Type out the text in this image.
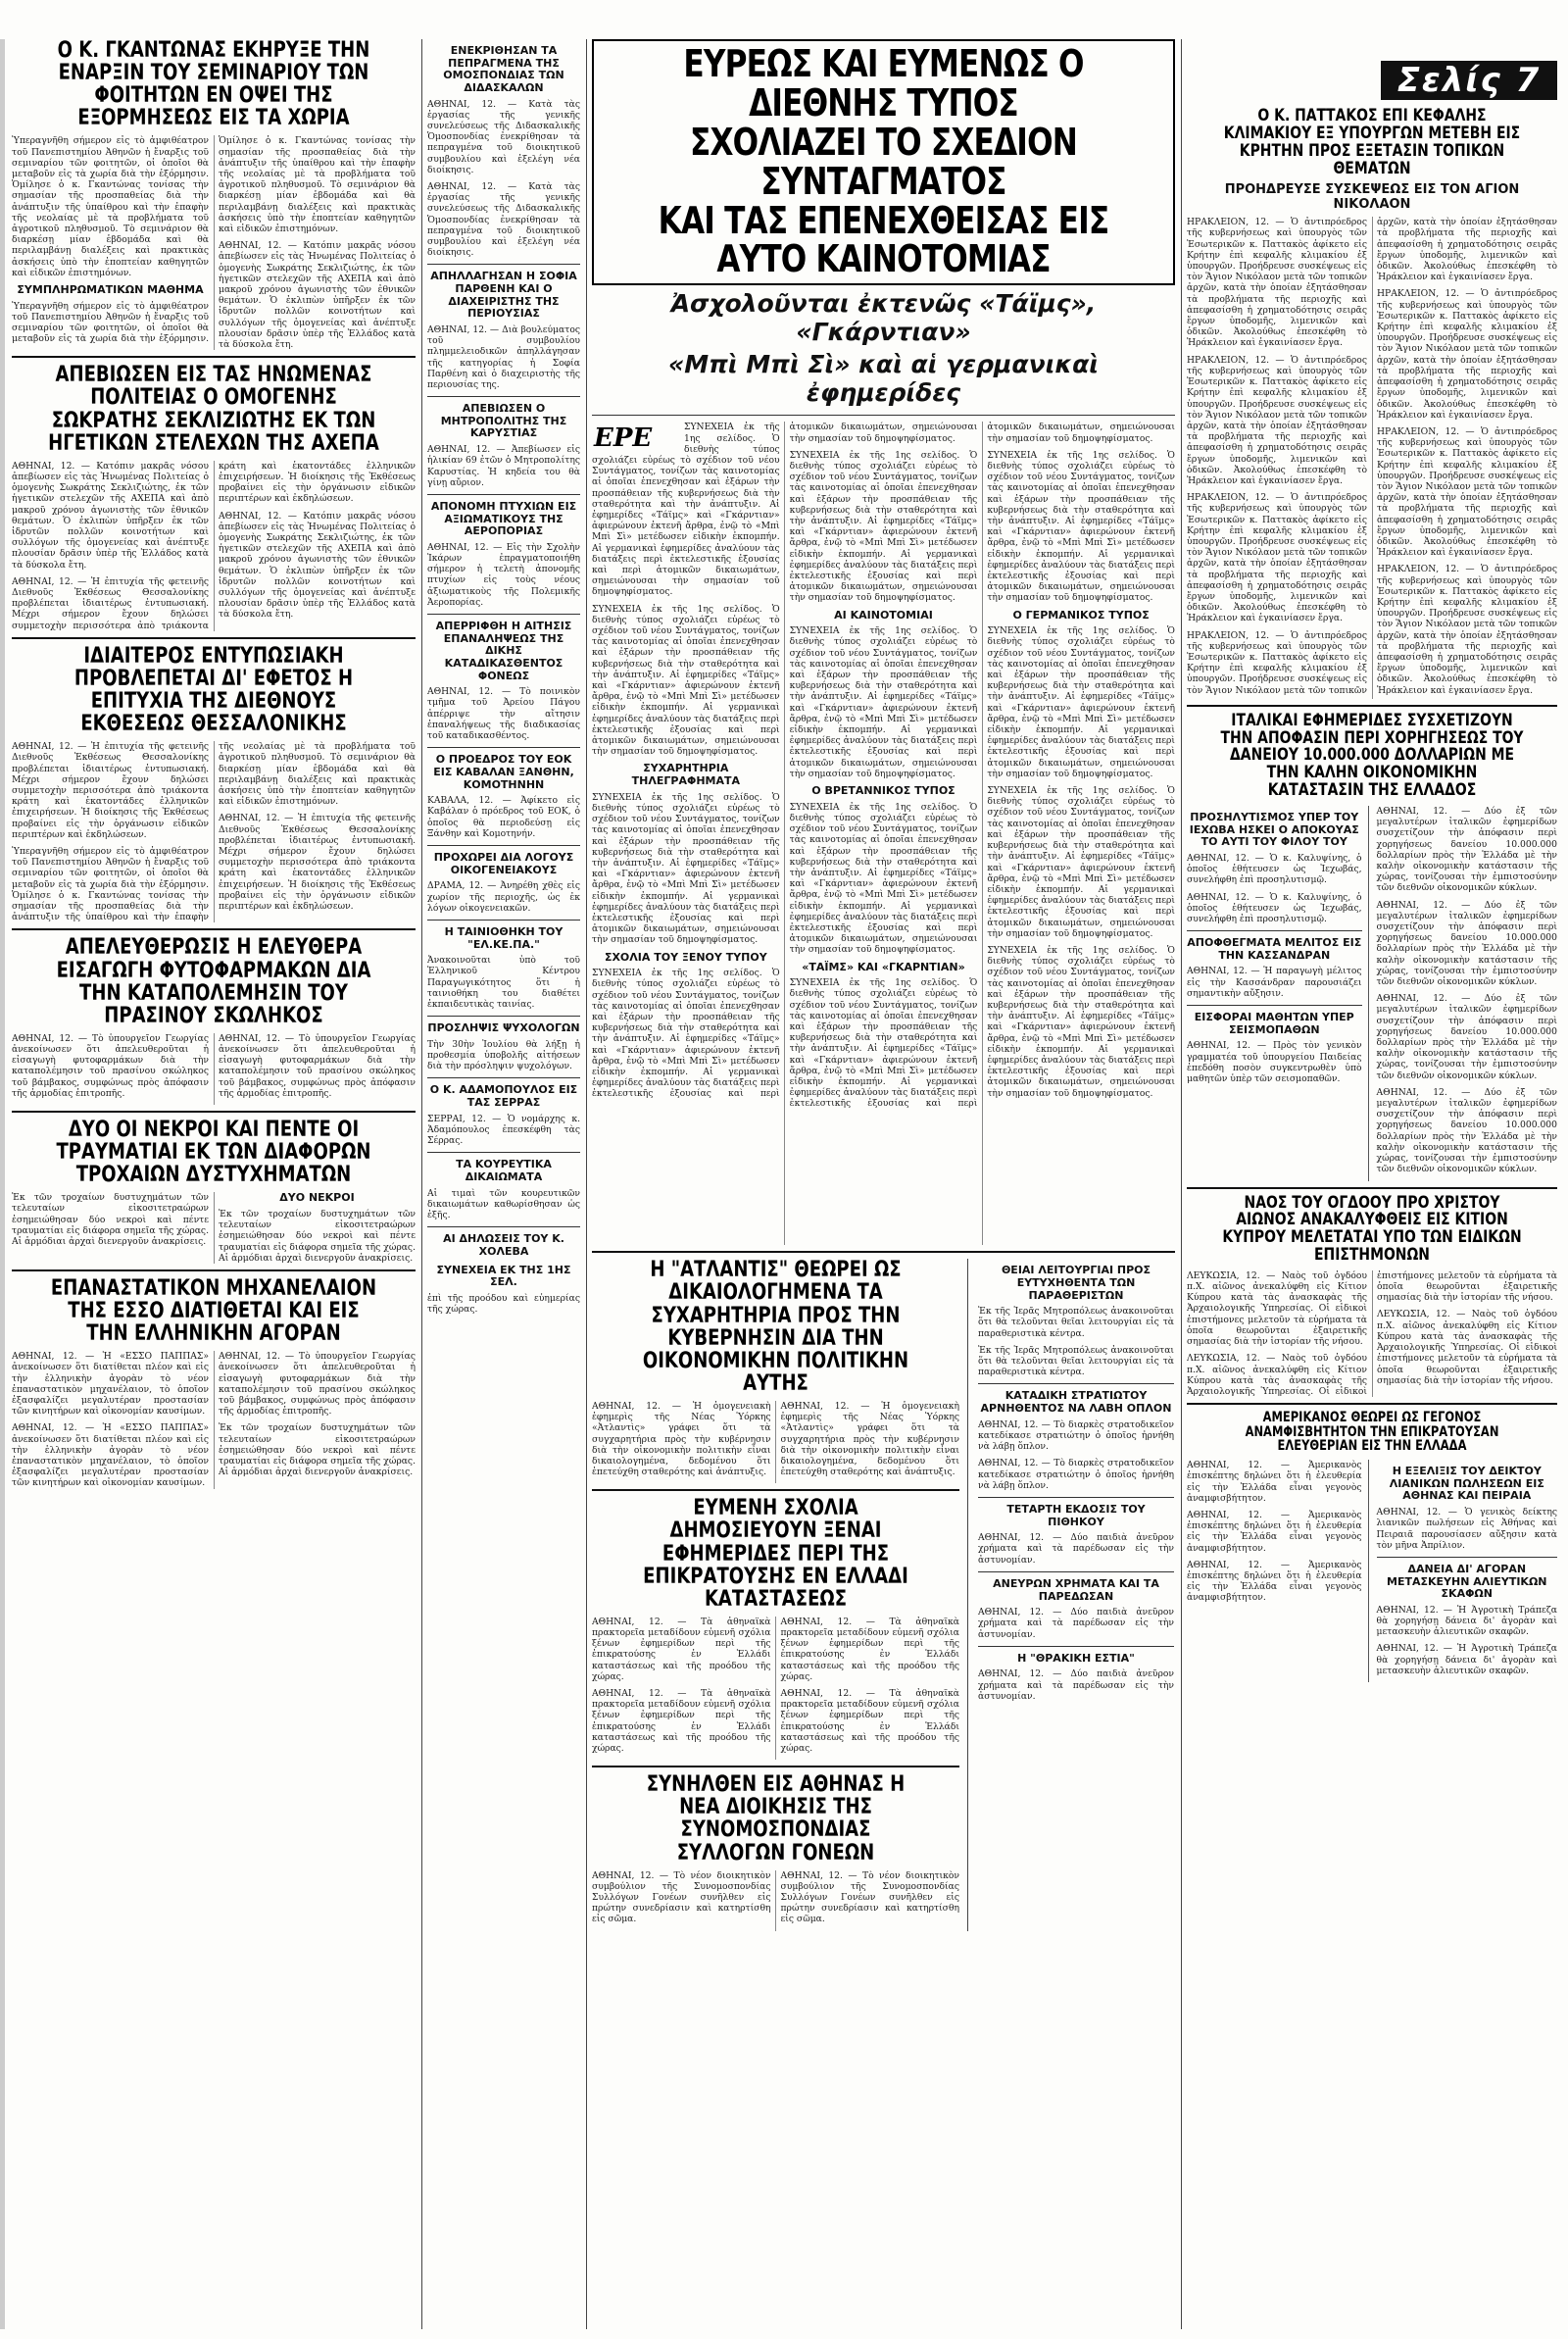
Ο Κ. ΓΚΑΝΤΩΝΑΣ ΕΚΗΡΥΞΕ ΤΗΝ ΕΝΑΡΞΙΝ ΤΟΥ ΣΕΜΙΝΑΡΙΟΥ ΤΩΝ ΦΟΙΤΗΤΩΝ ΕΝ ΟΨΕΙ ΤΗΣ ΕΞΟΡΜΗΣΕΩΣ ΕΙΣ ΤΑ ΧΩΡΙΑ

Ὑπεραγνῆθη σήμερον εἰς τὸ ἀμφιθέατρον τοῦ Πανεπιστημίου Ἀθηνῶν ἡ ἔναρξις τοῦ σεμιναρίου τῶν φοιτητῶν, οἱ ὁποῖοι θὰ μεταβοῦν εἰς τὰ χωρία διὰ τὴν ἐξόρμησιν. Ὁμίλησε ὁ κ. Γκαντώνας τονίσας τὴν σημασίαν τῆς προσπαθείας διὰ τὴν ἀνάπτυξιν τῆς ὑπαίθρου καὶ τὴν ἐπαφὴν τῆς νεολαίας μὲ τὰ προβλήματα τοῦ ἀγροτικοῦ πληθυσμοῦ. Τὸ σεμινάριον θὰ διαρκέσῃ μίαν ἑβδομάδα καὶ θὰ περιλαμβάνῃ διαλέξεις καὶ πρακτικὰς ἀσκήσεις ὑπὸ τὴν ἐποπτείαν καθηγητῶν καὶ εἰδικῶν ἐπιστημόνων.

ΣΥΜΠΛΗΡΩΜΑΤΙΚΩΝ ΜΑΘΗΜΑ

Ὑπεραγνῆθη σήμερον εἰς τὸ ἀμφιθέατρον τοῦ Πανεπιστημίου Ἀθηνῶν ἡ ἔναρξις τοῦ σεμιναρίου τῶν φοιτητῶν, οἱ ὁποῖοι θὰ μεταβοῦν εἰς τὰ χωρία διὰ τὴν ἐξόρμησιν. Ὁμίλησε ὁ κ. Γκαντώνας τονίσας τὴν σημασίαν τῆς προσπαθείας διὰ τὴν ἀνάπτυξιν τῆς ὑπαίθρου καὶ τὴν ἐπαφὴν τῆς νεολαίας μὲ τὰ προβλήματα τοῦ ἀγροτικοῦ πληθυσμοῦ. Τὸ σεμινάριον θὰ διαρκέσῃ μίαν ἑβδομάδα καὶ θὰ περιλαμβάνῃ διαλέξεις καὶ πρακτικὰς ἀσκήσεις ὑπὸ τὴν ἐποπτείαν καθηγητῶν καὶ εἰδικῶν ἐπιστημόνων.

ΑΘΗΝΑΙ, 12. — Κατόπιν μακρᾶς νόσου ἀπεβίωσεν εἰς τὰς Ἡνωμένας Πολιτείας ὁ ὁμογενὴς Σωκράτης Σεκλιζιώτης, ἐκ τῶν ἡγετικῶν στελεχῶν τῆς ΑΧΕΠΑ καὶ ἀπὸ μακροῦ χρόνου ἀγωνιστὴς τῶν ἐθνικῶν θεμάτων. Ὁ ἐκλιπὼν ὑπῆρξεν ἐκ τῶν ἱδρυτῶν πολλῶν κοινοτήτων καὶ συλλόγων τῆς ὁμογενείας καὶ ἀνέπτυξε πλουσίαν δρᾶσιν ὑπὲρ τῆς Ἑλλάδος κατὰ τὰ δύσκολα ἔτη.

ΑΠΕΒΙΩΣΕΝ ΕΙΣ ΤΑΣ ΗΝΩΜΕΝΑΣ ΠΟΛΙΤΕΙΑΣ Ο ΟΜΟΓΕΝΗΣ ΣΩΚΡΑΤΗΣ ΣΕΚΛΙΖΙΩΤΗΣ ΕΚ ΤΩΝ ΗΓΕΤΙΚΩΝ ΣΤΕΛΕΧΩΝ ΤΗΣ ΑΧΕΠΑ

ΑΘΗΝΑΙ, 12. — Κατόπιν μακρᾶς νόσου ἀπεβίωσεν εἰς τὰς Ἡνωμένας Πολιτείας ὁ ὁμογενὴς Σωκράτης Σεκλιζιώτης, ἐκ τῶν ἡγετικῶν στελεχῶν τῆς ΑΧΕΠΑ καὶ ἀπὸ μακροῦ χρόνου ἀγωνιστὴς τῶν ἐθνικῶν θεμάτων. Ὁ ἐκλιπὼν ὑπῆρξεν ἐκ τῶν ἱδρυτῶν πολλῶν κοινοτήτων καὶ συλλόγων τῆς ὁμογενείας καὶ ἀνέπτυξε πλουσίαν δρᾶσιν ὑπὲρ τῆς Ἑλλάδος κατὰ τὰ δύσκολα ἔτη.

ΑΘΗΝΑΙ, 12. — Ἡ ἐπιτυχία τῆς φετεινῆς Διεθνοῦς Ἐκθέσεως Θεσσαλονίκης προβλέπεται ἰδιαιτέρως ἐντυπωσιακή. Μέχρι σήμερον ἔχουν δηλώσει συμμετοχὴν περισσότερα ἀπὸ τριάκοντα κράτη καὶ ἑκατοντάδες ἑλληνικῶν ἐπιχειρήσεων. Ἡ διοίκησις τῆς Ἐκθέσεως προβαίνει εἰς τὴν ὀργάνωσιν εἰδικῶν περιπτέρων καὶ ἐκδηλώσεων.

ΑΘΗΝΑΙ, 12. — Κατόπιν μακρᾶς νόσου ἀπεβίωσεν εἰς τὰς Ἡνωμένας Πολιτείας ὁ ὁμογενὴς Σωκράτης Σεκλιζιώτης, ἐκ τῶν ἡγετικῶν στελεχῶν τῆς ΑΧΕΠΑ καὶ ἀπὸ μακροῦ χρόνου ἀγωνιστὴς τῶν ἐθνικῶν θεμάτων. Ὁ ἐκλιπὼν ὑπῆρξεν ἐκ τῶν ἱδρυτῶν πολλῶν κοινοτήτων καὶ συλλόγων τῆς ὁμογενείας καὶ ἀνέπτυξε πλουσίαν δρᾶσιν ὑπὲρ τῆς Ἑλλάδος κατὰ τὰ δύσκολα ἔτη.

ΙΔΙΑΙΤΕΡΟΣ ΕΝΤΥΠΩΣΙΑΚΗ ΠΡΟΒΛΕΠΕΤΑΙ ΔΙ' ΕΦΕΤΟΣ Η ΕΠΙΤΥΧΙΑ ΤΗΣ ΔΙΕΘΝΟΥΣ ΕΚΘΕΣΕΩΣ ΘΕΣΣΑΛΟΝΙΚΗΣ

ΑΘΗΝΑΙ, 12. — Ἡ ἐπιτυχία τῆς φετεινῆς Διεθνοῦς Ἐκθέσεως Θεσσαλονίκης προβλέπεται ἰδιαιτέρως ἐντυπωσιακή. Μέχρι σήμερον ἔχουν δηλώσει συμμετοχὴν περισσότερα ἀπὸ τριάκοντα κράτη καὶ ἑκατοντάδες ἑλληνικῶν ἐπιχειρήσεων. Ἡ διοίκησις τῆς Ἐκθέσεως προβαίνει εἰς τὴν ὀργάνωσιν εἰδικῶν περιπτέρων καὶ ἐκδηλώσεων.

Ὑπεραγνῆθη σήμερον εἰς τὸ ἀμφιθέατρον τοῦ Πανεπιστημίου Ἀθηνῶν ἡ ἔναρξις τοῦ σεμιναρίου τῶν φοιτητῶν, οἱ ὁποῖοι θὰ μεταβοῦν εἰς τὰ χωρία διὰ τὴν ἐξόρμησιν. Ὁμίλησε ὁ κ. Γκαντώνας τονίσας τὴν σημασίαν τῆς προσπαθείας διὰ τὴν ἀνάπτυξιν τῆς ὑπαίθρου καὶ τὴν ἐπαφὴν τῆς νεολαίας μὲ τὰ προβλήματα τοῦ ἀγροτικοῦ πληθυσμοῦ. Τὸ σεμινάριον θὰ διαρκέσῃ μίαν ἑβδομάδα καὶ θὰ περιλαμβάνῃ διαλέξεις καὶ πρακτικὰς ἀσκήσεις ὑπὸ τὴν ἐποπτείαν καθηγητῶν καὶ εἰδικῶν ἐπιστημόνων.

ΑΘΗΝΑΙ, 12. — Ἡ ἐπιτυχία τῆς φετεινῆς Διεθνοῦς Ἐκθέσεως Θεσσαλονίκης προβλέπεται ἰδιαιτέρως ἐντυπωσιακή. Μέχρι σήμερον ἔχουν δηλώσει συμμετοχὴν περισσότερα ἀπὸ τριάκοντα κράτη καὶ ἑκατοντάδες ἑλληνικῶν ἐπιχειρήσεων. Ἡ διοίκησις τῆς Ἐκθέσεως προβαίνει εἰς τὴν ὀργάνωσιν εἰδικῶν περιπτέρων καὶ ἐκδηλώσεων.

ΑΠΕΛΕΥΘΕΡΩΣΙΣ Η ΕΛΕΥΘΕΡΑ ΕΙΣΑΓΩΓΗ ΦΥΤΟΦΑΡΜΑΚΩΝ ΔΙΑ ΤΗΝ ΚΑΤΑΠΟΛΕΜΗΣΙΝ ΤΟΥ ΠΡΑΣΙΝΟΥ ΣΚΩΛΗΚΟΣ

ΑΘΗΝΑΙ, 12. — Τὸ ὑπουργεῖον Γεωργίας ἀνεκοίνωσεν ὅτι ἀπελευθεροῦται ἡ εἰσαγωγὴ φυτοφαρμάκων διὰ τὴν καταπολέμησιν τοῦ πρασίνου σκώληκος τοῦ βάμβακος, συμφώνως πρὸς ἀπόφασιν τῆς ἁρμοδίας ἐπιτροπῆς.

ΑΘΗΝΑΙ, 12. — Τὸ ὑπουργεῖον Γεωργίας ἀνεκοίνωσεν ὅτι ἀπελευθεροῦται ἡ εἰσαγωγὴ φυτοφαρμάκων διὰ τὴν καταπολέμησιν τοῦ πρασίνου σκώληκος τοῦ βάμβακος, συμφώνως πρὸς ἀπόφασιν τῆς ἁρμοδίας ἐπιτροπῆς.

ΔΥΟ ΟΙ ΝΕΚΡΟΙ ΚΑΙ ΠΕΝΤΕ ΟΙ ΤΡΑΥΜΑΤΙΑΙ ΕΚ ΤΩΝ ΔΙΑΦΟΡΩΝ ΤΡΟΧΑΙΩΝ ΔΥΣΤΥΧΗΜΑΤΩΝ

Ἐκ τῶν τροχαίων δυστυχημάτων τῶν τελευταίων εἰκοσιτετραώρων ἐσημειώθησαν δύο νεκροὶ καὶ πέντε τραυματίαι εἰς διάφορα σημεῖα τῆς χώρας. Αἱ ἁρμόδιαι ἀρχαὶ διενεργοῦν ἀνακρίσεις.

ΔΥΟ ΝΕΚΡΟΙ

Ἐκ τῶν τροχαίων δυστυχημάτων τῶν τελευταίων εἰκοσιτετραώρων ἐσημειώθησαν δύο νεκροὶ καὶ πέντε τραυματίαι εἰς διάφορα σημεῖα τῆς χώρας. Αἱ ἁρμόδιαι ἀρχαὶ διενεργοῦν ἀνακρίσεις.

ΕΠΑΝΑΣΤΑΤΙΚΟΝ ΜΗΧΑΝΕΛΑΙΟΝ ΤΗΣ ΕΣΣΟ ΔΙΑΤΙΘΕΤΑΙ ΚΑΙ ΕΙΣ ΤΗΝ ΕΛΛΗΝΙΚΗΝ ΑΓΟΡΑΝ

ΑΘΗΝΑΙ, 12. — Ἡ «ΕΣΣΟ ΠΑΠΠΑΣ» ἀνεκοίνωσεν ὅτι διατίθεται πλέον καὶ εἰς τὴν ἑλληνικὴν ἀγορὰν τὸ νέον ἐπαναστατικὸν μηχανέλαιον, τὸ ὁποῖον ἐξασφαλίζει μεγαλυτέραν προστασίαν τῶν κινητήρων καὶ οἰκονομίαν καυσίμων.

ΑΘΗΝΑΙ, 12. — Ἡ «ΕΣΣΟ ΠΑΠΠΑΣ» ἀνεκοίνωσεν ὅτι διατίθεται πλέον καὶ εἰς τὴν ἑλληνικὴν ἀγορὰν τὸ νέον ἐπαναστατικὸν μηχανέλαιον, τὸ ὁποῖον ἐξασφαλίζει μεγαλυτέραν προστασίαν τῶν κινητήρων καὶ οἰκονομίαν καυσίμων.

ΑΘΗΝΑΙ, 12. — Τὸ ὑπουργεῖον Γεωργίας ἀνεκοίνωσεν ὅτι ἀπελευθεροῦται ἡ εἰσαγωγὴ φυτοφαρμάκων διὰ τὴν καταπολέμησιν τοῦ πρασίνου σκώληκος τοῦ βάμβακος, συμφώνως πρὸς ἀπόφασιν τῆς ἁρμοδίας ἐπιτροπῆς.

Ἐκ τῶν τροχαίων δυστυχημάτων τῶν τελευταίων εἰκοσιτετραώρων ἐσημειώθησαν δύο νεκροὶ καὶ πέντε τραυματίαι εἰς διάφορα σημεῖα τῆς χώρας. Αἱ ἁρμόδιαι ἀρχαὶ διενεργοῦν ἀνακρίσεις.

ΕΝΕΚΡΙΘΗΣΑΝ ΤΑ ΠΕΠΡΑΓΜΕΝΑ ΤΗΣ ΟΜΟΣΠΟΝΔΙΑΣ ΤΩΝ ΔΙΔΑΣΚΑΛΩΝ

ΑΘΗΝΑΙ, 12. — Κατὰ τὰς ἐργασίας τῆς γενικῆς συνελεύσεως τῆς Διδασκαλικῆς Ὁμοσπονδίας ἐνεκρίθησαν τὰ πεπραγμένα τοῦ διοικητικοῦ συμβουλίου καὶ ἐξελέγη νέα διοίκησις.

ΑΘΗΝΑΙ, 12. — Κατὰ τὰς ἐργασίας τῆς γενικῆς συνελεύσεως τῆς Διδασκαλικῆς Ὁμοσπονδίας ἐνεκρίθησαν τὰ πεπραγμένα τοῦ διοικητικοῦ συμβουλίου καὶ ἐξελέγη νέα διοίκησις.

ΑΠΗΛΛΑΓΗΣΑΝ Η ΣΟΦΙΑ ΠΑΡΘΕΝΗ ΚΑΙ Ο ΔΙΑΧΕΙΡΙΣΤΗΣ ΤΗΣ ΠΕΡΙΟΥΣΙΑΣ

ΑΘΗΝΑΙ, 12. — Διὰ βουλεύματος τοῦ συμβουλίου πλημμελειοδικῶν ἀπηλλάγησαν τῆς κατηγορίας ἡ Σοφία Παρθένη καὶ ὁ διαχειριστὴς τῆς περιουσίας της.

ΑΠΕΒΙΩΣΕΝ Ο ΜΗΤΡΟΠΟΛΙΤΗΣ ΤΗΣ ΚΑΡΥΣΤΙΑΣ

ΑΘΗΝΑΙ, 12. — Ἀπεβίωσεν εἰς ἡλικίαν 69 ἐτῶν ὁ Μητροπολίτης Καρυστίας. Ἡ κηδεία του θὰ γίνῃ αὔριον.

ΑΠΟΝΟΜΗ ΠΤΥΧΙΩΝ ΕΙΣ ΑΞΙΩΜΑΤΙΚΟΥΣ ΤΗΣ ΑΕΡΟΠΟΡΙΑΣ

ΑΘΗΝΑΙ, 12. — Εἰς τὴν Σχολὴν Ἰκάρων ἐπραγματοποιήθη σήμερον ἡ τελετὴ ἀπονομῆς πτυχίων εἰς τοὺς νέους ἀξιωματικοὺς τῆς Πολεμικῆς Ἀεροπορίας.

ΑΠΕΡΡΙΦΘΗ Η ΑΙΤΗΣΙΣ ΕΠΑΝΑΛΗΨΕΩΣ ΤΗΣ ΔΙΚΗΣ ΚΑΤΑΔΙΚΑΣΘΕΝΤΟΣ ΦΟΝΕΩΣ

ΑΘΗΝΑΙ, 12. — Τὸ ποινικὸν τμῆμα τοῦ Ἀρείου Πάγου ἀπέρριψε τὴν αἴτησιν ἐπαναλήψεως τῆς διαδικασίας τοῦ καταδικασθέντος.

Ο ΠΡΟΕΔΡΟΣ ΤΟΥ ΕΟΚ ΕΙΣ ΚΑΒΑΛΑΝ ΞΑΝΘΗΝ, ΚΟΜΟΤΗΝΗΝ

ΚΑΒΑΛΑ, 12. — Ἀφίκετο εἰς Καβάλαν ὁ πρόεδρος τοῦ ΕΟΚ, ὁ ὁποῖος θὰ περιοδεύσῃ εἰς Ξάνθην καὶ Κομοτηνήν.

ΠΡΟΧΩΡΕΙ ΔΙΑ ΛΟΓΟΥΣ ΟΙΚΟΓΕΝΕΙΑΚΟΥΣ

ΔΡΑΜΑ, 12. — Ἀνηρέθη χθὲς εἰς χωρίον τῆς περιοχῆς, ὡς ἐκ λόγων οἰκογενειακῶν.

Η ΤΑΙΝΙΟΘΗΚΗ ΤΟΥ "ΕΛ.ΚΕ.ΠΑ."

Ἀνακοινοῦται ὑπὸ τοῦ Ἑλληνικοῦ Κέντρου Παραγωγικότητος ὅτι ἡ ταινιοθήκη του διαθέτει ἐκπαιδευτικὰς ταινίας.

ΠΡΟΣΛΗΨΙΣ ΨΥΧΟΛΟΓΩΝ

Τὴν 30ὴν Ἰουλίου θὰ λήξῃ ἡ προθεσμία ὑποβολῆς αἰτήσεων διὰ τὴν πρόσληψιν ψυχολόγων.

Ο Κ. ΑΔΑΜΟΠΟΥΛΟΣ ΕΙΣ ΤΑΣ ΣΕΡΡΑΣ

ΣΕΡΡΑΙ, 12. — Ὁ νομάρχης κ. Ἀδαμόπουλος ἐπεσκέφθη τὰς Σέρρας.

ΤΑ ΚΟΥΡΕΥΤΙΚΑ ΔΙΚΑΙΩΜΑΤΑ

Αἱ τιμαὶ τῶν κουρευτικῶν δικαιωμάτων καθωρίσθησαν ὡς ἑξῆς.

ΑΙ ΔΗΛΩΣΕΙΣ ΤΟΥ Κ. ΧΟΛΕΒΑ
ΣΥΝΕΧΕΙΑ ΕΚ ΤΗΣ 1ΗΣ ΣΕΛ.

ἐπὶ τῆς προόδου καὶ εὐημερίας τῆς χώρας.

ΕΥΡΕΩΣ ΚΑΙ ΕΥΜΕΝΩΣ Ο ΔΙΕΘΝΗΣ ΤΥΠΟΣ
ΣΧΟΛΙΑΖΕΙ ΤΟ ΣΧΕΔΙΟΝ ΣΥΝΤΑΓΜΑΤΟΣ
ΚΑΙ ΤΑΣ ΕΠΕΝΕΧΘΕΙΣΑΣ ΕΙΣ ΑΥΤΟ ΚΑΙΝΟΤΟΜΙΑΣ
Ἀσχολοῦνται ἐκτενῶς «Τάϊμς», «Γκάρντιαν»
«Μπὶ Μπὶ Σὶ» καὶ αἱ γερμανικαὶ ἐφημερίδες
ΕΡΕ	ΣΥΝΕΧΕΙΑ ἐκ τῆς 1ης σελίδος. Ὁ διεθνὴς τύπος σχολιάζει εὐρέως τὸ σχέδιον τοῦ νέου Συντάγματος, τονίζων τὰς καινοτομίας αἱ ὁποῖαι ἐπενεχθησαν καὶ ἐξάρων τὴν προσπάθειαν τῆς κυβερνήσεως διὰ τὴν σταθερότητα καὶ τὴν ἀνάπτυξιν. Αἱ ἐφημερίδες «Τάϊμς» καὶ «Γκάρντιαν» ἀφιερώνουν ἐκτενῆ ἄρθρα, ἐνῷ τὸ «Μπὶ Μπὶ Σὶ» μετέδωσεν εἰδικὴν ἐκπομπήν. Αἱ γερμανικαὶ ἐφημερίδες ἀναλύουν τὰς διατάξεις περὶ ἐκτελεστικῆς ἐξουσίας καὶ περὶ ἀτομικῶν δικαιωμάτων, σημειώνουσαι τὴν σημασίαν τοῦ δημοψηφίσματος.

ΣΥΝΕΧΕΙΑ ἐκ τῆς 1ης σελίδος. Ὁ διεθνὴς τύπος σχολιάζει εὐρέως τὸ σχέδιον τοῦ νέου Συντάγματος, τονίζων τὰς καινοτομίας αἱ ὁποῖαι ἐπενεχθησαν καὶ ἐξάρων τὴν προσπάθειαν τῆς κυβερνήσεως διὰ τὴν σταθερότητα καὶ τὴν ἀνάπτυξιν. Αἱ ἐφημερίδες «Τάϊμς» καὶ «Γκάρντιαν» ἀφιερώνουν ἐκτενῆ ἄρθρα, ἐνῷ τὸ «Μπὶ Μπὶ Σὶ» μετέδωσεν εἰδικὴν ἐκπομπήν. Αἱ γερμανικαὶ ἐφημερίδες ἀναλύουν τὰς διατάξεις περὶ ἐκτελεστικῆς ἐξουσίας καὶ περὶ ἀτομικῶν δικαιωμάτων, σημειώνουσαι τὴν σημασίαν τοῦ δημοψηφίσματος.

ΣΥΧΑΡΗΤΗΡΙΑ ΤΗΛΕΓΡΑΦΗΜΑΤΑ

ΣΥΝΕΧΕΙΑ ἐκ τῆς 1ης σελίδος. Ὁ διεθνὴς τύπος σχολιάζει εὐρέως τὸ σχέδιον τοῦ νέου Συντάγματος, τονίζων τὰς καινοτομίας αἱ ὁποῖαι ἐπενεχθησαν καὶ ἐξάρων τὴν προσπάθειαν τῆς κυβερνήσεως διὰ τὴν σταθερότητα καὶ τὴν ἀνάπτυξιν. Αἱ ἐφημερίδες «Τάϊμς» καὶ «Γκάρντιαν» ἀφιερώνουν ἐκτενῆ ἄρθρα, ἐνῷ τὸ «Μπὶ Μπὶ Σὶ» μετέδωσεν εἰδικὴν ἐκπομπήν. Αἱ γερμανικαὶ ἐφημερίδες ἀναλύουν τὰς διατάξεις περὶ ἐκτελεστικῆς ἐξουσίας καὶ περὶ ἀτομικῶν δικαιωμάτων, σημειώνουσαι τὴν σημασίαν τοῦ δημοψηφίσματος.

ΣΧΟΛΙΑ ΤΟΥ ΞΕΝΟΥ ΤΥΠΟΥ

ΣΥΝΕΧΕΙΑ ἐκ τῆς 1ης σελίδος. Ὁ διεθνὴς τύπος σχολιάζει εὐρέως τὸ σχέδιον τοῦ νέου Συντάγματος, τονίζων τὰς καινοτομίας αἱ ὁποῖαι ἐπενεχθησαν καὶ ἐξάρων τὴν προσπάθειαν τῆς κυβερνήσεως διὰ τὴν σταθερότητα καὶ τὴν ἀνάπτυξιν. Αἱ ἐφημερίδες «Τάϊμς» καὶ «Γκάρντιαν» ἀφιερώνουν ἐκτενῆ ἄρθρα, ἐνῷ τὸ «Μπὶ Μπὶ Σὶ» μετέδωσεν εἰδικὴν ἐκπομπήν. Αἱ γερμανικαὶ ἐφημερίδες ἀναλύουν τὰς διατάξεις περὶ ἐκτελεστικῆς ἐξουσίας καὶ περὶ ἀτομικῶν δικαιωμάτων, σημειώνουσαι τὴν σημασίαν τοῦ δημοψηφίσματος.

ΣΥΝΕΧΕΙΑ ἐκ τῆς 1ης σελίδος. Ὁ διεθνὴς τύπος σχολιάζει εὐρέως τὸ σχέδιον τοῦ νέου Συντάγματος, τονίζων τὰς καινοτομίας αἱ ὁποῖαι ἐπενεχθησαν καὶ ἐξάρων τὴν προσπάθειαν τῆς κυβερνήσεως διὰ τὴν σταθερότητα καὶ τὴν ἀνάπτυξιν. Αἱ ἐφημερίδες «Τάϊμς» καὶ «Γκάρντιαν» ἀφιερώνουν ἐκτενῆ ἄρθρα, ἐνῷ τὸ «Μπὶ Μπὶ Σὶ» μετέδωσεν εἰδικὴν ἐκπομπήν. Αἱ γερμανικαὶ ἐφημερίδες ἀναλύουν τὰς διατάξεις περὶ ἐκτελεστικῆς ἐξουσίας καὶ περὶ ἀτομικῶν δικαιωμάτων, σημειώνουσαι τὴν σημασίαν τοῦ δημοψηφίσματος.

ΑΙ ΚΑΙΝΟΤΟΜΙΑΙ

ΣΥΝΕΧΕΙΑ ἐκ τῆς 1ης σελίδος. Ὁ διεθνὴς τύπος σχολιάζει εὐρέως τὸ σχέδιον τοῦ νέου Συντάγματος, τονίζων τὰς καινοτομίας αἱ ὁποῖαι ἐπενεχθησαν καὶ ἐξάρων τὴν προσπάθειαν τῆς κυβερνήσεως διὰ τὴν σταθερότητα καὶ τὴν ἀνάπτυξιν. Αἱ ἐφημερίδες «Τάϊμς» καὶ «Γκάρντιαν» ἀφιερώνουν ἐκτενῆ ἄρθρα, ἐνῷ τὸ «Μπὶ Μπὶ Σὶ» μετέδωσεν εἰδικὴν ἐκπομπήν. Αἱ γερμανικαὶ ἐφημερίδες ἀναλύουν τὰς διατάξεις περὶ ἐκτελεστικῆς ἐξουσίας καὶ περὶ ἀτομικῶν δικαιωμάτων, σημειώνουσαι τὴν σημασίαν τοῦ δημοψηφίσματος.

Ο ΒΡΕΤΑΝΝΙΚΟΣ ΤΥΠΟΣ

ΣΥΝΕΧΕΙΑ ἐκ τῆς 1ης σελίδος. Ὁ διεθνὴς τύπος σχολιάζει εὐρέως τὸ σχέδιον τοῦ νέου Συντάγματος, τονίζων τὰς καινοτομίας αἱ ὁποῖαι ἐπενεχθησαν καὶ ἐξάρων τὴν προσπάθειαν τῆς κυβερνήσεως διὰ τὴν σταθερότητα καὶ τὴν ἀνάπτυξιν. Αἱ ἐφημερίδες «Τάϊμς» καὶ «Γκάρντιαν» ἀφιερώνουν ἐκτενῆ ἄρθρα, ἐνῷ τὸ «Μπὶ Μπὶ Σὶ» μετέδωσεν εἰδικὴν ἐκπομπήν. Αἱ γερμανικαὶ ἐφημερίδες ἀναλύουν τὰς διατάξεις περὶ ἐκτελεστικῆς ἐξουσίας καὶ περὶ ἀτομικῶν δικαιωμάτων, σημειώνουσαι τὴν σημασίαν τοῦ δημοψηφίσματος.

«ΤΑΪΜΣ» ΚΑΙ «ΓΚΑΡΝΤΙΑΝ»

ΣΥΝΕΧΕΙΑ ἐκ τῆς 1ης σελίδος. Ὁ διεθνὴς τύπος σχολιάζει εὐρέως τὸ σχέδιον τοῦ νέου Συντάγματος, τονίζων τὰς καινοτομίας αἱ ὁποῖαι ἐπενεχθησαν καὶ ἐξάρων τὴν προσπάθειαν τῆς κυβερνήσεως διὰ τὴν σταθερότητα καὶ τὴν ἀνάπτυξιν. Αἱ ἐφημερίδες «Τάϊμς» καὶ «Γκάρντιαν» ἀφιερώνουν ἐκτενῆ ἄρθρα, ἐνῷ τὸ «Μπὶ Μπὶ Σὶ» μετέδωσεν εἰδικὴν ἐκπομπήν. Αἱ γερμανικαὶ ἐφημερίδες ἀναλύουν τὰς διατάξεις περὶ ἐκτελεστικῆς ἐξουσίας καὶ περὶ ἀτομικῶν δικαιωμάτων, σημειώνουσαι τὴν σημασίαν τοῦ δημοψηφίσματος.

ΣΥΝΕΧΕΙΑ ἐκ τῆς 1ης σελίδος. Ὁ διεθνὴς τύπος σχολιάζει εὐρέως τὸ σχέδιον τοῦ νέου Συντάγματος, τονίζων τὰς καινοτομίας αἱ ὁποῖαι ἐπενεχθησαν καὶ ἐξάρων τὴν προσπάθειαν τῆς κυβερνήσεως διὰ τὴν σταθερότητα καὶ τὴν ἀνάπτυξιν. Αἱ ἐφημερίδες «Τάϊμς» καὶ «Γκάρντιαν» ἀφιερώνουν ἐκτενῆ ἄρθρα, ἐνῷ τὸ «Μπὶ Μπὶ Σὶ» μετέδωσεν εἰδικὴν ἐκπομπήν. Αἱ γερμανικαὶ ἐφημερίδες ἀναλύουν τὰς διατάξεις περὶ ἐκτελεστικῆς ἐξουσίας καὶ περὶ ἀτομικῶν δικαιωμάτων, σημειώνουσαι τὴν σημασίαν τοῦ δημοψηφίσματος.

Ο ΓΕΡΜΑΝΙΚΟΣ ΤΥΠΟΣ

ΣΥΝΕΧΕΙΑ ἐκ τῆς 1ης σελίδος. Ὁ διεθνὴς τύπος σχολιάζει εὐρέως τὸ σχέδιον τοῦ νέου Συντάγματος, τονίζων τὰς καινοτομίας αἱ ὁποῖαι ἐπενεχθησαν καὶ ἐξάρων τὴν προσπάθειαν τῆς κυβερνήσεως διὰ τὴν σταθερότητα καὶ τὴν ἀνάπτυξιν. Αἱ ἐφημερίδες «Τάϊμς» καὶ «Γκάρντιαν» ἀφιερώνουν ἐκτενῆ ἄρθρα, ἐνῷ τὸ «Μπὶ Μπὶ Σὶ» μετέδωσεν εἰδικὴν ἐκπομπήν. Αἱ γερμανικαὶ ἐφημερίδες ἀναλύουν τὰς διατάξεις περὶ ἐκτελεστικῆς ἐξουσίας καὶ περὶ ἀτομικῶν δικαιωμάτων, σημειώνουσαι τὴν σημασίαν τοῦ δημοψηφίσματος.

ΣΥΝΕΧΕΙΑ ἐκ τῆς 1ης σελίδος. Ὁ διεθνὴς τύπος σχολιάζει εὐρέως τὸ σχέδιον τοῦ νέου Συντάγματος, τονίζων τὰς καινοτομίας αἱ ὁποῖαι ἐπενεχθησαν καὶ ἐξάρων τὴν προσπάθειαν τῆς κυβερνήσεως διὰ τὴν σταθερότητα καὶ τὴν ἀνάπτυξιν. Αἱ ἐφημερίδες «Τάϊμς» καὶ «Γκάρντιαν» ἀφιερώνουν ἐκτενῆ ἄρθρα, ἐνῷ τὸ «Μπὶ Μπὶ Σὶ» μετέδωσεν εἰδικὴν ἐκπομπήν. Αἱ γερμανικαὶ ἐφημερίδες ἀναλύουν τὰς διατάξεις περὶ ἐκτελεστικῆς ἐξουσίας καὶ περὶ ἀτομικῶν δικαιωμάτων, σημειώνουσαι τὴν σημασίαν τοῦ δημοψηφίσματος.

ΣΥΝΕΧΕΙΑ ἐκ τῆς 1ης σελίδος. Ὁ διεθνὴς τύπος σχολιάζει εὐρέως τὸ σχέδιον τοῦ νέου Συντάγματος, τονίζων τὰς καινοτομίας αἱ ὁποῖαι ἐπενεχθησαν καὶ ἐξάρων τὴν προσπάθειαν τῆς κυβερνήσεως διὰ τὴν σταθερότητα καὶ τὴν ἀνάπτυξιν. Αἱ ἐφημερίδες «Τάϊμς» καὶ «Γκάρντιαν» ἀφιερώνουν ἐκτενῆ ἄρθρα, ἐνῷ τὸ «Μπὶ Μπὶ Σὶ» μετέδωσεν εἰδικὴν ἐκπομπήν. Αἱ γερμανικαὶ ἐφημερίδες ἀναλύουν τὰς διατάξεις περὶ ἐκτελεστικῆς ἐξουσίας καὶ περὶ ἀτομικῶν δικαιωμάτων, σημειώνουσαι τὴν σημασίαν τοῦ δημοψηφίσματος.

Η "ΑΤΛΑΝΤΙΣ" ΘΕΩΡΕΙ ΩΣ ΔΙΚΑΙΟΛΟΓΗΜΕΝΑ ΤΑ ΣΥΧΑΡΗΤΗΡΙΑ ΠΡΟΣ ΤΗΝ ΚΥΒΕΡΝΗΣΙΝ ΔΙΑ ΤΗΝ ΟΙΚΟΝΟΜΙΚΗΝ ΠΟΛΙΤΙΚΗΝ ΑΥΤΗΣ

ΑΘΗΝΑΙ, 12. — Ἡ ὁμογενειακὴ ἐφημερὶς τῆς Νέας Ὑόρκης «Ἀτλαντὶς» γράφει ὅτι τὰ συγχαρητήρια πρὸς τὴν κυβέρνησιν διὰ τὴν οἰκονομικὴν πολιτικὴν εἶναι δικαιολογημένα, δεδομένου ὅτι ἐπετεύχθη σταθερότης καὶ ἀνάπτυξις.

ΑΘΗΝΑΙ, 12. — Ἡ ὁμογενειακὴ ἐφημερὶς τῆς Νέας Ὑόρκης «Ἀτλαντὶς» γράφει ὅτι τὰ συγχαρητήρια πρὸς τὴν κυβέρνησιν διὰ τὴν οἰκονομικὴν πολιτικὴν εἶναι δικαιολογημένα, δεδομένου ὅτι ἐπετεύχθη σταθερότης καὶ ἀνάπτυξις.

ΕΥΜΕΝΗ ΣΧΟΛΙΑ ΔΗΜΟΣΙΕΥΟΥΝ ΞΕΝΑΙ ΕΦΗΜΕΡΙΔΕΣ ΠΕΡΙ ΤΗΣ ΕΠΙΚΡΑΤΟΥΣΗΣ ΕΝ ΕΛΛΑΔΙ ΚΑΤΑΣΤΑΣΕΩΣ

ΑΘΗΝΑΙ, 12. — Τὰ ἀθηναϊκὰ πρακτορεῖα μεταδίδουν εὐμενῆ σχόλια ξένων ἐφημερίδων περὶ τῆς ἐπικρατούσης ἐν Ἑλλάδι καταστάσεως καὶ τῆς προόδου τῆς χώρας.

ΑΘΗΝΑΙ, 12. — Τὰ ἀθηναϊκὰ πρακτορεῖα μεταδίδουν εὐμενῆ σχόλια ξένων ἐφημερίδων περὶ τῆς ἐπικρατούσης ἐν Ἑλλάδι καταστάσεως καὶ τῆς προόδου τῆς χώρας.

ΑΘΗΝΑΙ, 12. — Τὰ ἀθηναϊκὰ πρακτορεῖα μεταδίδουν εὐμενῆ σχόλια ξένων ἐφημερίδων περὶ τῆς ἐπικρατούσης ἐν Ἑλλάδι καταστάσεως καὶ τῆς προόδου τῆς χώρας.

ΑΘΗΝΑΙ, 12. — Τὰ ἀθηναϊκὰ πρακτορεῖα μεταδίδουν εὐμενῆ σχόλια ξένων ἐφημερίδων περὶ τῆς ἐπικρατούσης ἐν Ἑλλάδι καταστάσεως καὶ τῆς προόδου τῆς χώρας.

ΣΥΝΗΛΘΕΝ ΕΙΣ ΑΘΗΝΑΣ Η ΝΕΑ ΔΙΟΙΚΗΣΙΣ ΤΗΣ ΣΥΝΟΜΟΣΠΟΝΔΙΑΣ ΣΥΛΛΟΓΩΝ ΓΟΝΕΩΝ

ΑΘΗΝΑΙ, 12. — Τὸ νέον διοικητικὸν συμβούλιον τῆς Συνομοσπονδίας Συλλόγων Γονέων συνῆλθεν εἰς πρώτην συνεδρίασιν καὶ κατηρτίσθη εἰς σῶμα.

ΑΘΗΝΑΙ, 12. — Τὸ νέον διοικητικὸν συμβούλιον τῆς Συνομοσπονδίας Συλλόγων Γονέων συνῆλθεν εἰς πρώτην συνεδρίασιν καὶ κατηρτίσθη εἰς σῶμα.

ΘΕΙΑΙ ΛΕΙΤΟΥΡΓΙΑΙ ΠΡΟΣ ΕΥΤΥΧΗΘΕΝΤΑ ΤΩΝ ΠΑΡΑΘΕΡΙΣΤΩΝ

Ἐκ τῆς Ἱερᾶς Μητροπόλεως ἀνακοινοῦται ὅτι θὰ τελοῦνται θεῖαι λειτουργίαι εἰς τὰ παραθεριστικὰ κέντρα.

Ἐκ τῆς Ἱερᾶς Μητροπόλεως ἀνακοινοῦται ὅτι θὰ τελοῦνται θεῖαι λειτουργίαι εἰς τὰ παραθεριστικὰ κέντρα.

ΚΑΤΑΔΙΚΗ ΣΤΡΑΤΙΩΤΟΥ ΑΡΝΗΘΕΝΤΟΣ ΝΑ ΛΑΒΗ ΟΠΛΟΝ

ΑΘΗΝΑΙ, 12. — Τὸ διαρκὲς στρατοδικεῖον κατεδίκασε στρατιώτην ὁ ὁποῖος ἠρνήθη νὰ λάβῃ ὅπλον.

ΑΘΗΝΑΙ, 12. — Τὸ διαρκὲς στρατοδικεῖον κατεδίκασε στρατιώτην ὁ ὁποῖος ἠρνήθη νὰ λάβῃ ὅπλον.

ΤΕΤΑΡΤΗ ΕΚΔΟΣΙΣ ΤΟΥ ΠΙΘΗΚΟΥ

ΑΘΗΝΑΙ, 12. — Δύο παιδιὰ ἀνεῦρον χρήματα καὶ τὰ παρέδωσαν εἰς τὴν ἀστυνομίαν.

ΑΝΕΥΡΩΝ ΧΡΗΜΑΤΑ ΚΑΙ ΤΑ ΠΑΡΕΔΩΣΑΝ

ΑΘΗΝΑΙ, 12. — Δύο παιδιὰ ἀνεῦρον χρήματα καὶ τὰ παρέδωσαν εἰς τὴν ἀστυνομίαν.

Η "ΘΡΑΚΙΚΗ ΕΣΤΙΑ"

ΑΘΗΝΑΙ, 12. — Δύο παιδιὰ ἀνεῦρον χρήματα καὶ τὰ παρέδωσαν εἰς τὴν ἀστυνομίαν.

Σελίς 7
Ο Κ. ΠΑΤΤΑΚΟΣ ΕΠΙ ΚΕΦΑΛΗΣ ΚΛΙΜΑΚΙΟΥ ΕΞ ΥΠΟΥΡΓΩΝ ΜΕΤΕΒΗ ΕΙΣ ΚΡΗΤΗΝ ΠΡΟΣ ΕΞΕΤΑΣΙΝ ΤΟΠΙΚΩΝ ΘΕΜΑΤΩΝ
ΠΡΟΗΔΡΕΥΣΕ ΣΥΣΚΕΨΕΩΣ ΕΙΣ ΤΟΝ ΑΓΙΟΝ ΝΙΚΟΛΑΟΝ

ΗΡΑΚΛΕΙΟΝ, 12. — Ὁ ἀντιπρόεδρος τῆς κυβερνήσεως καὶ ὑπουργὸς τῶν Ἐσωτερικῶν κ. Παττακὸς ἀφίκετο εἰς Κρήτην ἐπὶ κεφαλῆς κλιμακίου ἐξ ὑπουργῶν. Προήδρευσε συσκέψεως εἰς τὸν Ἅγιον Νικόλαον μετὰ τῶν τοπικῶν ἀρχῶν, κατὰ τὴν ὁποίαν ἐξητάσθησαν τὰ προβλήματα τῆς περιοχῆς καὶ ἀπεφασίσθη ἡ χρηματοδότησις σειρᾶς ἔργων ὑποδομῆς, λιμενικῶν καὶ ὁδικῶν. Ἀκολούθως ἐπεσκέφθη τὸ Ἡράκλειον καὶ ἐγκαινίασεν ἔργα.

ΗΡΑΚΛΕΙΟΝ, 12. — Ὁ ἀντιπρόεδρος τῆς κυβερνήσεως καὶ ὑπουργὸς τῶν Ἐσωτερικῶν κ. Παττακὸς ἀφίκετο εἰς Κρήτην ἐπὶ κεφαλῆς κλιμακίου ἐξ ὑπουργῶν. Προήδρευσε συσκέψεως εἰς τὸν Ἅγιον Νικόλαον μετὰ τῶν τοπικῶν ἀρχῶν, κατὰ τὴν ὁποίαν ἐξητάσθησαν τὰ προβλήματα τῆς περιοχῆς καὶ ἀπεφασίσθη ἡ χρηματοδότησις σειρᾶς ἔργων ὑποδομῆς, λιμενικῶν καὶ ὁδικῶν. Ἀκολούθως ἐπεσκέφθη τὸ Ἡράκλειον καὶ ἐγκαινίασεν ἔργα.

ΗΡΑΚΛΕΙΟΝ, 12. — Ὁ ἀντιπρόεδρος τῆς κυβερνήσεως καὶ ὑπουργὸς τῶν Ἐσωτερικῶν κ. Παττακὸς ἀφίκετο εἰς Κρήτην ἐπὶ κεφαλῆς κλιμακίου ἐξ ὑπουργῶν. Προήδρευσε συσκέψεως εἰς τὸν Ἅγιον Νικόλαον μετὰ τῶν τοπικῶν ἀρχῶν, κατὰ τὴν ὁποίαν ἐξητάσθησαν τὰ προβλήματα τῆς περιοχῆς καὶ ἀπεφασίσθη ἡ χρηματοδότησις σειρᾶς ἔργων ὑποδομῆς, λιμενικῶν καὶ ὁδικῶν. Ἀκολούθως ἐπεσκέφθη τὸ Ἡράκλειον καὶ ἐγκαινίασεν ἔργα.

ΗΡΑΚΛΕΙΟΝ, 12. — Ὁ ἀντιπρόεδρος τῆς κυβερνήσεως καὶ ὑπουργὸς τῶν Ἐσωτερικῶν κ. Παττακὸς ἀφίκετο εἰς Κρήτην ἐπὶ κεφαλῆς κλιμακίου ἐξ ὑπουργῶν. Προήδρευσε συσκέψεως εἰς τὸν Ἅγιον Νικόλαον μετὰ τῶν τοπικῶν ἀρχῶν, κατὰ τὴν ὁποίαν ἐξητάσθησαν τὰ προβλήματα τῆς περιοχῆς καὶ ἀπεφασίσθη ἡ χρηματοδότησις σειρᾶς ἔργων ὑποδομῆς, λιμενικῶν καὶ ὁδικῶν. Ἀκολούθως ἐπεσκέφθη τὸ Ἡράκλειον καὶ ἐγκαινίασεν ἔργα.

ΗΡΑΚΛΕΙΟΝ, 12. — Ὁ ἀντιπρόεδρος τῆς κυβερνήσεως καὶ ὑπουργὸς τῶν Ἐσωτερικῶν κ. Παττακὸς ἀφίκετο εἰς Κρήτην ἐπὶ κεφαλῆς κλιμακίου ἐξ ὑπουργῶν. Προήδρευσε συσκέψεως εἰς τὸν Ἅγιον Νικόλαον μετὰ τῶν τοπικῶν ἀρχῶν, κατὰ τὴν ὁποίαν ἐξητάσθησαν τὰ προβλήματα τῆς περιοχῆς καὶ ἀπεφασίσθη ἡ χρηματοδότησις σειρᾶς ἔργων ὑποδομῆς, λιμενικῶν καὶ ὁδικῶν. Ἀκολούθως ἐπεσκέφθη τὸ Ἡράκλειον καὶ ἐγκαινίασεν ἔργα.

ΗΡΑΚΛΕΙΟΝ, 12. — Ὁ ἀντιπρόεδρος τῆς κυβερνήσεως καὶ ὑπουργὸς τῶν Ἐσωτερικῶν κ. Παττακὸς ἀφίκετο εἰς Κρήτην ἐπὶ κεφαλῆς κλιμακίου ἐξ ὑπουργῶν. Προήδρευσε συσκέψεως εἰς τὸν Ἅγιον Νικόλαον μετὰ τῶν τοπικῶν ἀρχῶν, κατὰ τὴν ὁποίαν ἐξητάσθησαν τὰ προβλήματα τῆς περιοχῆς καὶ ἀπεφασίσθη ἡ χρηματοδότησις σειρᾶς ἔργων ὑποδομῆς, λιμενικῶν καὶ ὁδικῶν. Ἀκολούθως ἐπεσκέφθη τὸ Ἡράκλειον καὶ ἐγκαινίασεν ἔργα.

ΗΡΑΚΛΕΙΟΝ, 12. — Ὁ ἀντιπρόεδρος τῆς κυβερνήσεως καὶ ὑπουργὸς τῶν Ἐσωτερικῶν κ. Παττακὸς ἀφίκετο εἰς Κρήτην ἐπὶ κεφαλῆς κλιμακίου ἐξ ὑπουργῶν. Προήδρευσε συσκέψεως εἰς τὸν Ἅγιον Νικόλαον μετὰ τῶν τοπικῶν ἀρχῶν, κατὰ τὴν ὁποίαν ἐξητάσθησαν τὰ προβλήματα τῆς περιοχῆς καὶ ἀπεφασίσθη ἡ χρηματοδότησις σειρᾶς ἔργων ὑποδομῆς, λιμενικῶν καὶ ὁδικῶν. Ἀκολούθως ἐπεσκέφθη τὸ Ἡράκλειον καὶ ἐγκαινίασεν ἔργα.

ΙΤΑΛΙΚΑΙ ΕΦΗΜΕΡΙΔΕΣ ΣΥΣΧΕΤΙΖΟΥΝ ΤΗΝ ΑΠΟΦΑΣΙΝ ΠΕΡΙ ΧΟΡΗΓΗΣΕΩΣ ΤΟΥ ΔΑΝΕΙΟΥ 10.000.000 ΔΟΛΛΑΡΙΩΝ ΜΕ ΤΗΝ ΚΑΛΗΝ ΟΙΚΟΝΟΜΙΚΗΝ ΚΑΤΑΣΤΑΣΙΝ ΤΗΣ ΕΛΛΑΔΟΣ
ΠΡΟΣΗΛΥΤΙΣΜΟΣ ΥΠΕΡ ΤΟΥ ΙΕΧΩΒΑ ΗΣΚΕΙ Ο ΑΠΟΚΟΥΑΣ ΤΟ ΑΥΤΙ ΤΟΥ ΦΙΛΟΥ ΤΟΥ

ΑΘΗΝΑΙ, 12. — Ὁ κ. Καλυψίνης, ὁ ὁποῖος ἐθήτευσεν ὡς Ἰεχωβάς, συνελήφθη ἐπὶ προσηλυτισμῷ.

ΑΘΗΝΑΙ, 12. — Ὁ κ. Καλυψίνης, ὁ ὁποῖος ἐθήτευσεν ὡς Ἰεχωβάς, συνελήφθη ἐπὶ προσηλυτισμῷ.

ΑΠΟΦΘΕΓΜΑΤΑ ΜΕΛΙΤΟΣ ΕΙΣ ΤΗΝ ΚΑΣΣΑΝΔΡΑΝ

ΑΘΗΝΑΙ, 12. — Ἡ παραγωγὴ μέλιτος εἰς τὴν Κασσάνδραν παρουσιάζει σημαντικὴν αὔξησιν.

ΕΙΣΦΟΡΑΙ ΜΑΘΗΤΩΝ ΥΠΕΡ ΣΕΙΣΜΟΠΑΘΩΝ

ΑΘΗΝΑΙ, 12. — Πρὸς τὸν γενικὸν γραμματέα τοῦ ὑπουργείου Παιδείας ἐπεδόθη ποσὸν συγκεντρωθὲν ὑπὸ μαθητῶν ὑπὲρ τῶν σεισμοπαθῶν.

ΑΘΗΝΑΙ, 12. — Δύο ἐξ τῶν μεγαλυτέρων ἰταλικῶν ἐφημερίδων συσχετίζουν τὴν ἀπόφασιν περὶ χορηγήσεως δανείου 10.000.000 δολλαρίων πρὸς τὴν Ἑλλάδα μὲ τὴν καλὴν οἰκονομικὴν κατάστασιν τῆς χώρας, τονίζουσαι τὴν ἐμπιστοσύνην τῶν διεθνῶν οἰκονομικῶν κύκλων.

ΑΘΗΝΑΙ, 12. — Δύο ἐξ τῶν μεγαλυτέρων ἰταλικῶν ἐφημερίδων συσχετίζουν τὴν ἀπόφασιν περὶ χορηγήσεως δανείου 10.000.000 δολλαρίων πρὸς τὴν Ἑλλάδα μὲ τὴν καλὴν οἰκονομικὴν κατάστασιν τῆς χώρας, τονίζουσαι τὴν ἐμπιστοσύνην τῶν διεθνῶν οἰκονομικῶν κύκλων.

ΑΘΗΝΑΙ, 12. — Δύο ἐξ τῶν μεγαλυτέρων ἰταλικῶν ἐφημερίδων συσχετίζουν τὴν ἀπόφασιν περὶ χορηγήσεως δανείου 10.000.000 δολλαρίων πρὸς τὴν Ἑλλάδα μὲ τὴν καλὴν οἰκονομικὴν κατάστασιν τῆς χώρας, τονίζουσαι τὴν ἐμπιστοσύνην τῶν διεθνῶν οἰκονομικῶν κύκλων.

ΑΘΗΝΑΙ, 12. — Δύο ἐξ τῶν μεγαλυτέρων ἰταλικῶν ἐφημερίδων συσχετίζουν τὴν ἀπόφασιν περὶ χορηγήσεως δανείου 10.000.000 δολλαρίων πρὸς τὴν Ἑλλάδα μὲ τὴν καλὴν οἰκονομικὴν κατάστασιν τῆς χώρας, τονίζουσαι τὴν ἐμπιστοσύνην τῶν διεθνῶν οἰκονομικῶν κύκλων.

ΝΑΟΣ ΤΟΥ ΟΓΔΟΟΥ ΠΡΟ ΧΡΙΣΤΟΥ ΑΙΩΝΟΣ ΑΝΑΚΑΛΥΦΘΕΙΣ ΕΙΣ ΚΙΤΙΟΝ ΚΥΠΡΟΥ ΜΕΛΕΤΑΤΑΙ ΥΠΟ ΤΩΝ ΕΙΔΙΚΩΝ ΕΠΙΣΤΗΜΟΝΩΝ

ΛΕΥΚΩΣΙΑ, 12. — Ναὸς τοῦ ὀγδόου π.Χ. αἰῶνος ἀνεκαλύφθη εἰς Κίτιον Κύπρου κατὰ τὰς ἀνασκαφὰς τῆς Ἀρχαιολογικῆς Ὑπηρεσίας. Οἱ εἰδικοὶ ἐπιστήμονες μελετοῦν τὰ εὑρήματα τὰ ὁποῖα θεωροῦνται ἐξαιρετικῆς σημασίας διὰ τὴν ἱστορίαν τῆς νήσου.

ΛΕΥΚΩΣΙΑ, 12. — Ναὸς τοῦ ὀγδόου π.Χ. αἰῶνος ἀνεκαλύφθη εἰς Κίτιον Κύπρου κατὰ τὰς ἀνασκαφὰς τῆς Ἀρχαιολογικῆς Ὑπηρεσίας. Οἱ εἰδικοὶ ἐπιστήμονες μελετοῦν τὰ εὑρήματα τὰ ὁποῖα θεωροῦνται ἐξαιρετικῆς σημασίας διὰ τὴν ἱστορίαν τῆς νήσου.

ΛΕΥΚΩΣΙΑ, 12. — Ναὸς τοῦ ὀγδόου π.Χ. αἰῶνος ἀνεκαλύφθη εἰς Κίτιον Κύπρου κατὰ τὰς ἀνασκαφὰς τῆς Ἀρχαιολογικῆς Ὑπηρεσίας. Οἱ εἰδικοὶ ἐπιστήμονες μελετοῦν τὰ εὑρήματα τὰ ὁποῖα θεωροῦνται ἐξαιρετικῆς σημασίας διὰ τὴν ἱστορίαν τῆς νήσου.

ΑΜΕΡΙΚΑΝΟΣ ΘΕΩΡΕΙ ΩΣ ΓΕΓΟΝΟΣ ΑΝΑΜΦΙΣΒΗΤΗΤΟΝ ΤΗΝ ΕΠΙΚΡΑΤΟΥΣΑΝ ΕΛΕΥΘΕΡΙΑΝ ΕΙΣ ΤΗΝ ΕΛΛΑΔΑ

ΑΘΗΝΑΙ, 12. — Ἀμερικανὸς ἐπισκέπτης δηλώνει ὅτι ἡ ἐλευθερία εἰς τὴν Ἑλλάδα εἶναι γεγονὸς ἀναμφισβήτητον.

ΑΘΗΝΑΙ, 12. — Ἀμερικανὸς ἐπισκέπτης δηλώνει ὅτι ἡ ἐλευθερία εἰς τὴν Ἑλλάδα εἶναι γεγονὸς ἀναμφισβήτητον.

ΑΘΗΝΑΙ, 12. — Ἀμερικανὸς ἐπισκέπτης δηλώνει ὅτι ἡ ἐλευθερία εἰς τὴν Ἑλλάδα εἶναι γεγονὸς ἀναμφισβήτητον.

Η ΕΞΕΛΙΞΙΣ ΤΟΥ ΔΕΙΚΤΟΥ ΛΙΑΝΙΚΩΝ ΠΩΛΗΣΕΩΝ ΕΙΣ ΑΘΗΝΑΣ ΚΑΙ ΠΕΙΡΑΙΑ

ΑΘΗΝΑΙ, 12. — Ὁ γενικὸς δείκτης λιανικῶν πωλήσεων εἰς Ἀθήνας καὶ Πειραιᾶ παρουσίασεν αὔξησιν κατὰ τὸν μῆνα Ἀπρίλιον.

ΔΑΝΕΙΑ ΔΙ' ΑΓΟΡΑΝ ΜΕΤΑΣΚΕΥΗΝ ΑΛΙΕΥΤΙΚΩΝ ΣΚΑΦΩΝ

ΑΘΗΝΑΙ, 12. — Ἡ Ἀγροτικὴ Τράπεζα θὰ χορηγήσῃ δάνεια δι' ἀγορὰν καὶ μετασκευὴν ἁλιευτικῶν σκαφῶν.

ΑΘΗΝΑΙ, 12. — Ἡ Ἀγροτικὴ Τράπεζα θὰ χορηγήσῃ δάνεια δι' ἀγορὰν καὶ μετασκευὴν ἁλιευτικῶν σκαφῶν.
